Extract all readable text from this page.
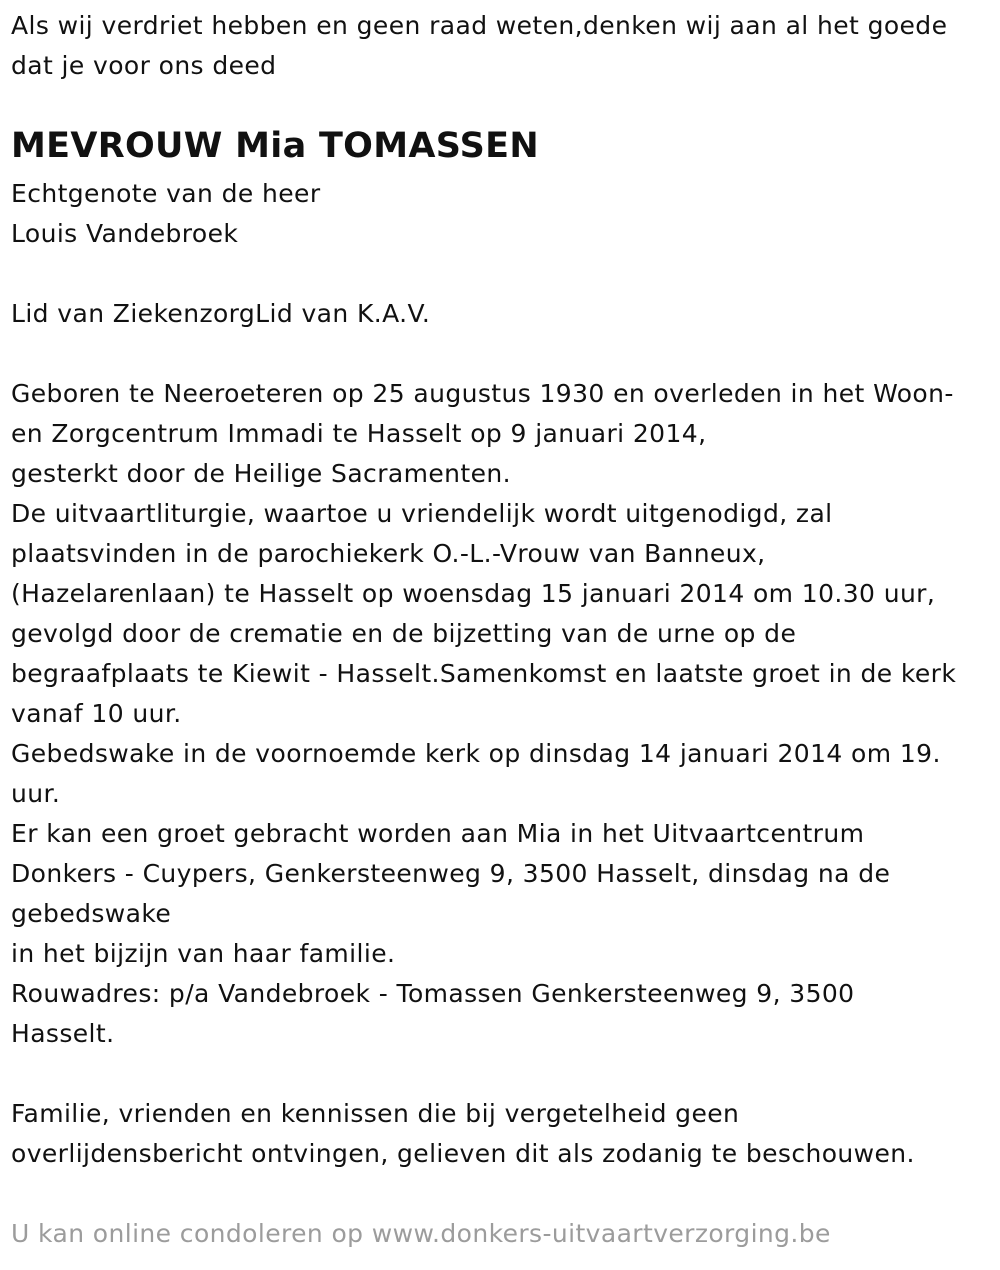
Als wij verdriet hebben en geen raad weten,denken wij aan al het goede
dat je voor ons deed
MEVROUW Mia TOMASSEN
Echtgenote van de heer
Louis Vandebroek
Lid van ZiekenzorgLid van K.A.V.
Geboren te Neeroeteren op 25 augustus 1930 en overleden in het Woon-
en Zorgcentrum Immadi te Hasselt op 9 januari 2014,
gesterkt door de Heilige Sacramenten.
De uitvaartliturgie, waartoe u vriendelijk wordt uitgenodigd, zal
plaatsvinden in de parochiekerk O.-L.-Vrouw van Banneux,
(Hazelarenlaan) te Hasselt op woensdag 15 januari 2014 om 10.30 uur,
gevolgd door de crematie en de bijzetting van de urne op de
begraafplaats te Kiewit - Hasselt.Samenkomst en laatste groet in de kerk
vanaf 10 uur.
Gebedswake in de voornoemde kerk op dinsdag 14 januari 2014 om 19.
uur.
Er kan een groet gebracht worden aan Mia in het Uitvaartcentrum
Donkers - Cuypers, Genkersteenweg 9, 3500 Hasselt, dinsdag na de
gebedswake
in het bijzijn van haar familie.
Rouwadres: p/a Vandebroek - Tomassen Genkersteenweg 9, 3500
Hasselt.
Familie, vrienden en kennissen die bij vergetelheid geen
overlijdensbericht ontvingen, gelieven dit als zodanig te beschouwen.
U kan online condoleren op www.donkers-uitvaartverzorging.be
